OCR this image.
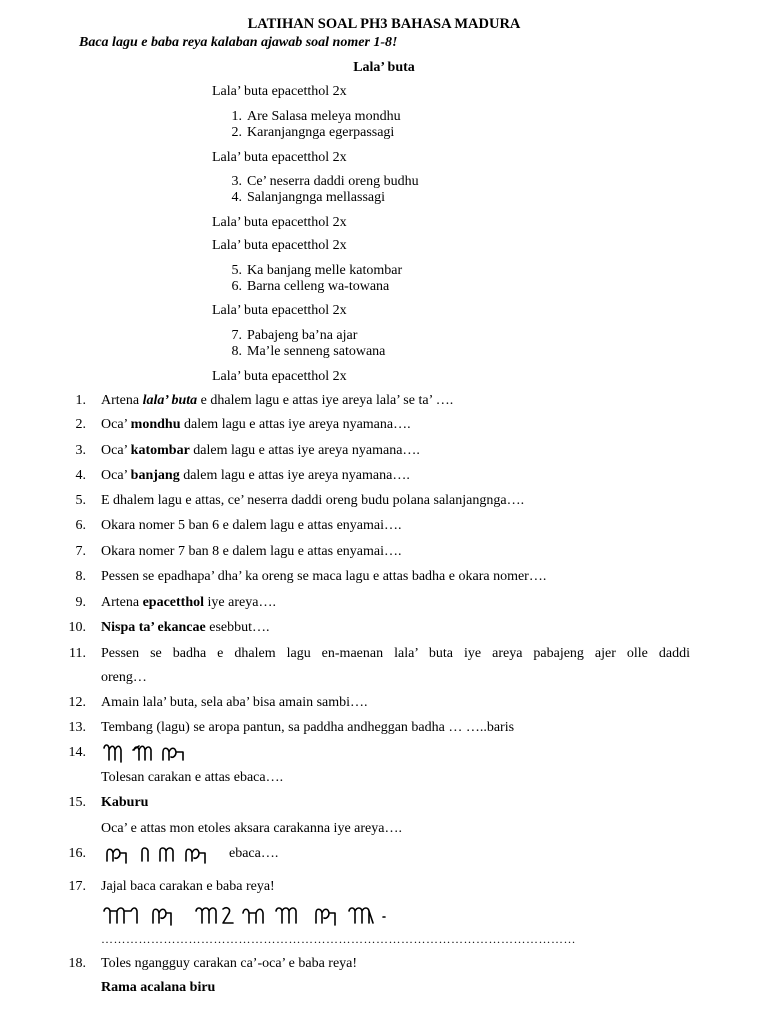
LATIHAN SOAL PH3 BAHASA MADURA
Baca lagu e baba reya kalaban ajawab soal nomer 1-8!
Lala’ buta
Lala’ buta epacetthol 2x
1. Are Salasa meleya mondhu
2. Karanjangnga egerpassagi
Lala’ buta epacetthol 2x
3. Ce’ neserra daddi oreng budhu
4. Salanjangnga mellassagi
Lala’ buta epacetthol 2x
Lala’ buta epacetthol 2x
5. Ka banjang melle katombar
6. Barna celleng wa-towana
Lala’ buta epacetthol 2x
7. Pabajeng ba’na ajar
8. Ma’le senneng satowana
Lala’ buta epacetthol 2x
1. Artena lala’ buta e dhalem lagu e attas iye areya lala’ se ta’ ….
2. Oca’ mondhu dalem lagu e attas iye areya nyamana….
3. Oca’ katombar dalem lagu e attas iye areya nyamana….
4. Oca’ banjang dalem lagu e attas iye areya nyamana….
5. E dhalem lagu e attas, ce’ neserra daddi oreng budu polana salanjangnga….
6. Okara nomer 5 ban 6 e dalem lagu e attas enyamai….
7. Okara nomer 7 ban 8 e dalem lagu e attas enyamai….
8. Pessen se epadhapa’ dha’ ka oreng se maca lagu e attas badha e okara nomer….
9. Artena epacetthol iye areya….
10. Nispa ta’ ekancae esebbut….
11. Pessen se badha e dhalem lagu en-maenan lala’ buta iye areya pabajeng ajer olle daddi
oreng…
12. Amain lala’ buta, sela aba’ bisa amain sambi….
13. Tembang (lagu) se aropa pantun, sa paddha andheggan badha … …..baris
14.
Tolesan carakan e attas ebaca….
15. Kaburu
Oca’ e attas mon etoles aksara carakanna iye areya….
16.	ebaca….
17. Jajal baca carakan e baba reya!
……………………………………………………………………………………………………
18. Toles ngangguy carakan ca’-oca’ e baba reya!
Rama acalana biru
